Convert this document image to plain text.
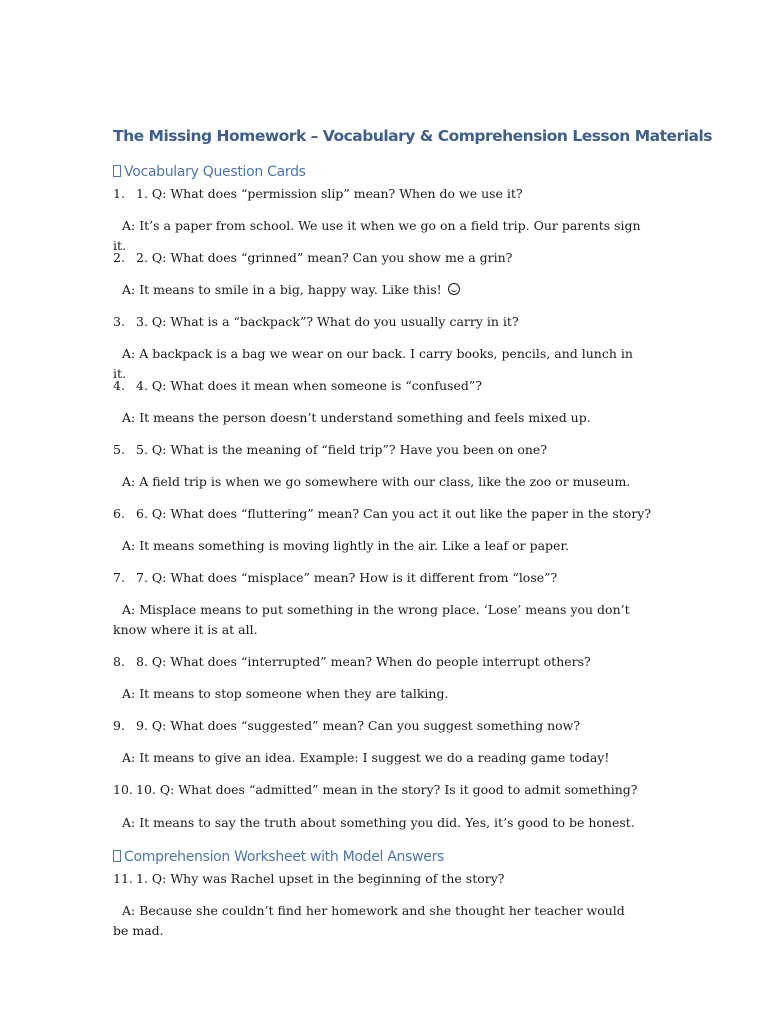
The Missing Homework – Vocabulary & Comprehension Lesson Materials
Vocabulary Question Cards
1. 1. Q: What does “permission slip” mean? When do we use it?
A: It’s a paper from school. We use it when we go on a field trip. Our parents sign it.
2. 2. Q: What does “grinned” mean? Can you show me a grin?
A: It means to smile in a big, happy way. Like this!
3. 3. Q: What is a “backpack”? What do you usually carry in it?
A: A backpack is a bag we wear on our back. I carry books, pencils, and lunch in it.
4. 4. Q: What does it mean when someone is “confused”?
A: It means the person doesn’t understand something and feels mixed up.
5. 5. Q: What is the meaning of “field trip”? Have you been on one?
A: A field trip is when we go somewhere with our class, like the zoo or museum.
6. 6. Q: What does “fluttering” mean? Can you act it out like the paper in the story?
A: It means something is moving lightly in the air. Like a leaf or paper.
7. 7. Q: What does “misplace” mean? How is it different from “lose”?
A: Misplace means to put something in the wrong place. ‘Lose’ means you don’t know where it is at all.
8. 8. Q: What does “interrupted” mean? When do people interrupt others?
A: It means to stop someone when they are talking.
9. 9. Q: What does “suggested” mean? Can you suggest something now?
A: It means to give an idea. Example: I suggest we do a reading game today!
10. 10. Q: What does “admitted” mean in the story? Is it good to admit something?
A: It means to say the truth about something you did. Yes, it’s good to be honest.
Comprehension Worksheet with Model Answers
11. 1. Q: Why was Rachel upset in the beginning of the story?
A: Because she couldn’t find her homework and she thought her teacher would be mad.
